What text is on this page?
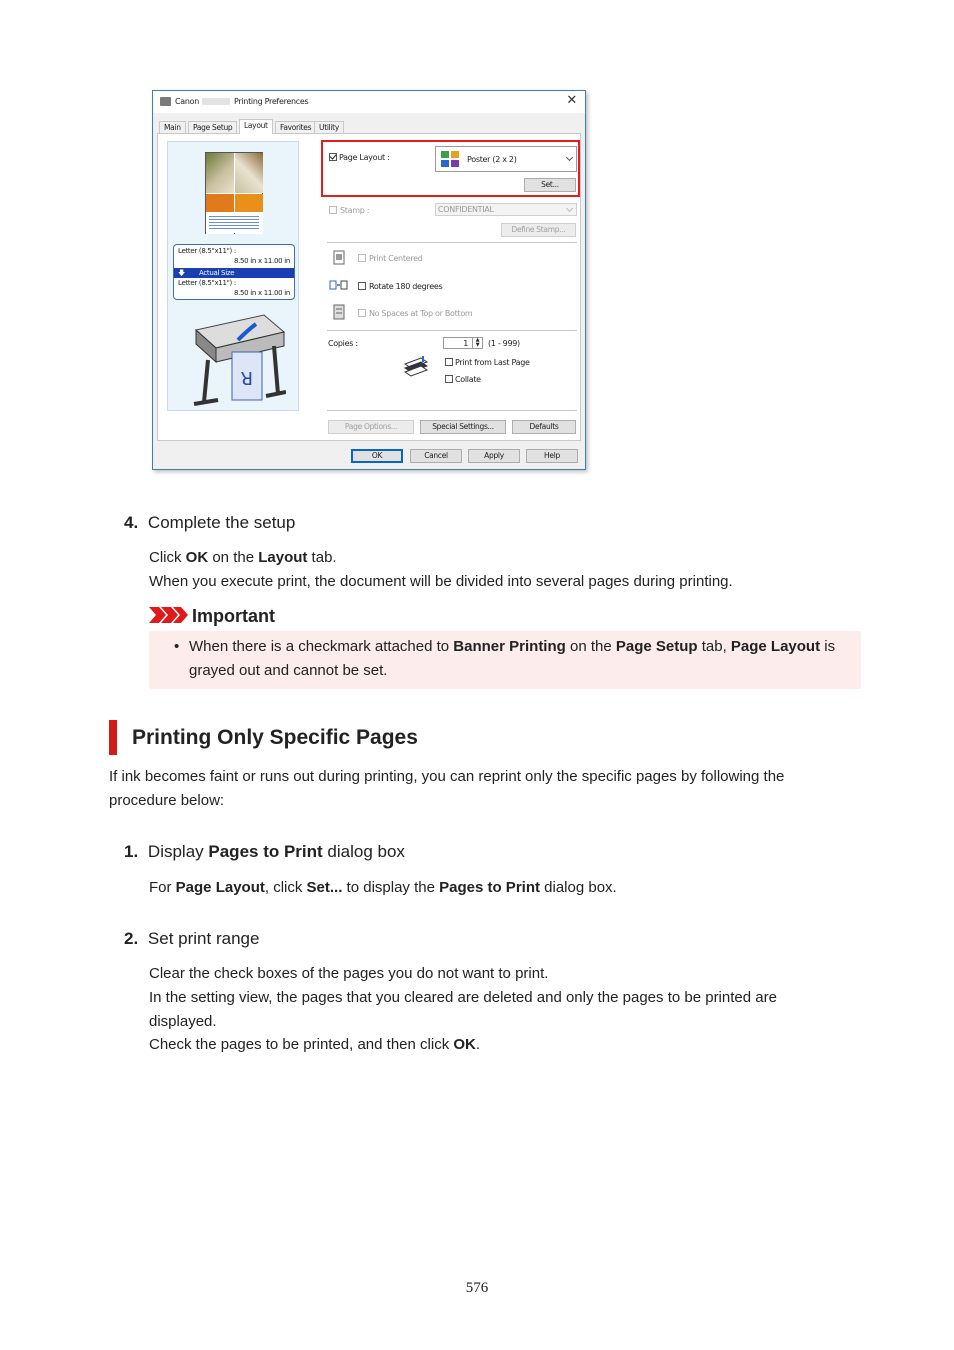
Canon	Printing Preferences	✕
Main	Page Setup	Layout	Favorites	Utility
Letter (8.5"x11") :
8.50 in x 11.00 in
🡇 Actual Size
Letter (8.5"x11") :
8.50 in x 11.00 in
R
Page Layout :	Poster (2 x 2)
Set...
Stamp :	CONFIDENTIAL
Define Stamp...
Print Centered
Rotate 180 degrees
No Spaces at Top or Bottom
Copies :	1	▲
▼	(1 - 999)
Print from Last Page
Collate
Page Options...	Special Settings...	Defaults
OK	Cancel	Apply	Help
4. Complete the setup
Click OK on the Layout tab.
When you execute print, the document will be divided into several pages during printing.
Important
• When there is a checkmark attached to Banner Printing on the Page Setup tab, Page Layout is grayed out and cannot be set.
Printing Only Specific Pages
If ink becomes faint or runs out during printing, you can reprint only the specific pages by following the procedure below:
1. Display Pages to Print dialog box
For Page Layout, click Set... to display the Pages to Print dialog box.
2. Set print range
Clear the check boxes of the pages you do not want to print.
In the setting view, the pages that you cleared are deleted and only the pages to be printed are displayed.
Check the pages to be printed, and then click OK.
576
